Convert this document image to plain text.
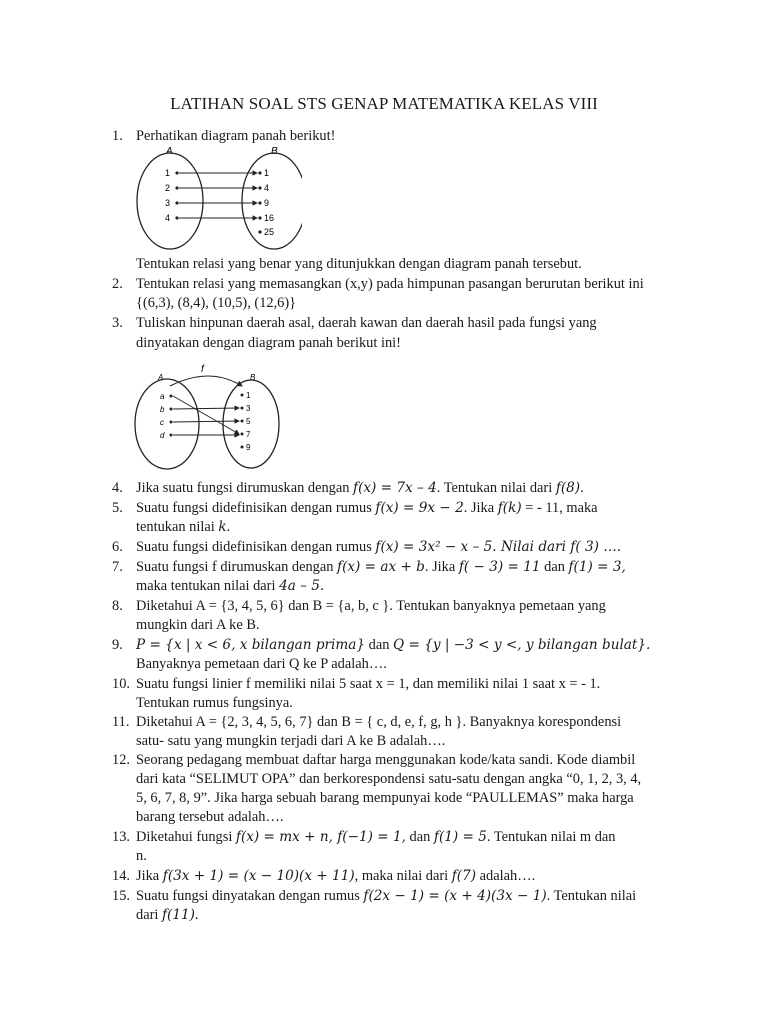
LATIHAN SOAL STS GENAP MATEMATIKA KELAS VIII
1. Perhatikan diagram panah berikut!
A	B
1
2
3
4
1
4
9
16
25
Tentukan relasi yang benar yang ditunjukkan dengan diagram panah tersebut.
2. Tentukan relasi yang memasangkan (x,y) pada himpunan pasangan berurutan berikut ini
{(6,3), (8,4), (10,5), (12,6)}
3. Tuliskan hinpunan daerah asal, daerah kawan dan daerah hasil pada fungsi yang
dinyatakan dengan diagram panah berikut ini!
f
A	B
a
b
c
d
1
3
5
7
9
4. Jika suatu fungsi dirumuskan dengan f(x) = 7x – 4. Tentukan nilai dari f(8).
5. Suatu fungsi didefinisikan dengan rumus f(x) = 9x − 2. Jika f(k) = - 11, maka
tentukan nilai k.
6. Suatu fungsi didefinisikan dengan rumus f(x) = 3x² − x – 5. Nilai dari f( 3) ….
7. Suatu fungsi f dirumuskan dengan f(x) = ax + b. Jika f( − 3) = 11 dan f(1) = 3,
maka tentukan nilai dari 4a – 5.
8. Diketahui A = {3, 4, 5, 6} dan B = {a, b, c }. Tentukan banyaknya pemetaan yang
mungkin dari A ke B.
9. P = {x | x < 6, x bilangan prima} dan Q = {y | −3 < y <, y bilangan bulat}.
Banyaknya pemetaan dari Q ke P adalah….
10. Suatu fungsi linier f memiliki nilai 5 saat x = 1, dan memiliki nilai 1 saat x = - 1.
Tentukan rumus fungsinya.
11. Diketahui A = {2, 3, 4, 5, 6, 7} dan B = { c, d, e, f, g, h }. Banyaknya korespondensi
satu- satu yang mungkin terjadi dari A ke B adalah….
12. Seorang pedagang membuat daftar harga menggunakan kode/kata sandi. Kode diambil
dari kata “SELIMUT OPA” dan berkorespondensi satu-satu dengan angka “0, 1, 2, 3, 4,
5, 6, 7, 8, 9”. Jika harga sebuah barang mempunyai kode “PAULLEMAS” maka harga
barang tersebut adalah….
13. Diketahui fungsi f(x) = mx + n, f(−1) = 1, dan f(1) = 5. Tentukan nilai m dan
n.
14. Jika f(3x + 1) = (x − 10)(x + 11), maka nilai dari f(7) adalah….
15. Suatu fungsi dinyatakan dengan rumus f(2x − 1) = (x + 4)(3x − 1). Tentukan nilai
dari f(11).
